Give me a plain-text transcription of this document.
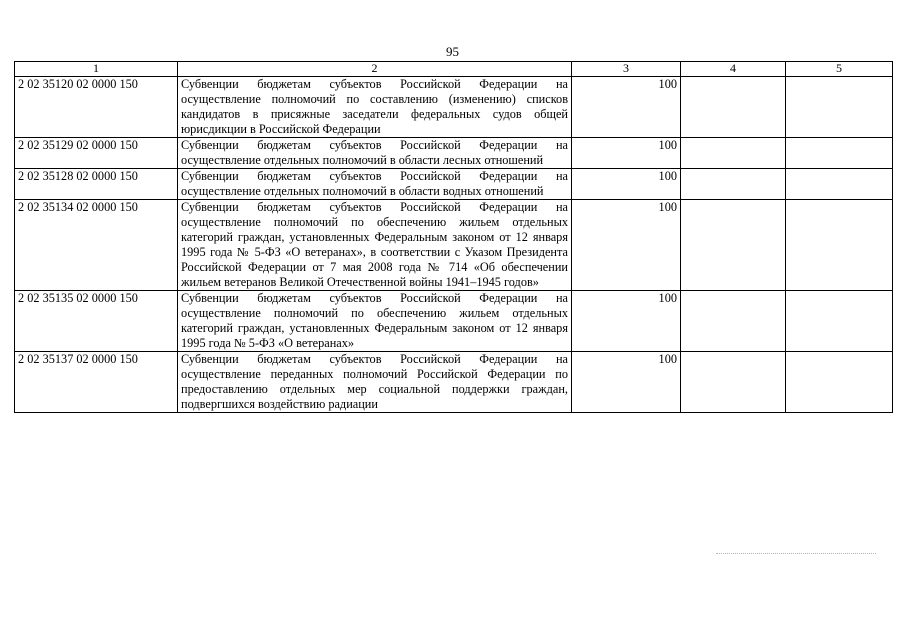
95
1	2	3	4	5
2 02 35120 02 0000 150	Субвенции бюджетам субъектов Российской Федерации на осуществление полномочий по составлению (изменению) списков кандидатов в присяжные заседатели федеральных судов общей юрисдикции в Российской Федерации	100		
2 02 35129 02 0000 150	Субвенции бюджетам субъектов Российской Федерации на осуществление отдельных полномочий в области лесных отношений	100		
2 02 35128 02 0000 150	Субвенции бюджетам субъектов Российской Федерации на осуществление отдельных полномочий в области водных отношений	100		
2 02 35134 02 0000 150	Субвенции бюджетам субъектов Российской Федерации на осуществление полномочий по обеспечению жильем отдельных категорий граждан, установленных Федеральным законом от 12 января 1995 года № 5-ФЗ «О ветеранах», в соответствии с Указом Президента Российской Федерации от 7 мая 2008 года № 714 «Об обеспечении жильем ветеранов Великой Отечественной войны 1941–1945 годов»	100		
2 02 35135 02 0000 150	Субвенции бюджетам субъектов Российской Федерации на осуществление полномочий по обеспечению жильем отдельных категорий граждан, установленных Федеральным законом от 12 января 1995 года № 5-ФЗ «О ветеранах»	100		
2 02 35137 02 0000 150	Субвенции бюджетам субъектов Российской Федерации на осуществление переданных полномочий Российской Федерации по предоставлению отдельных мер социальной поддержки граждан, подвергшихся воздействию радиации	100		
